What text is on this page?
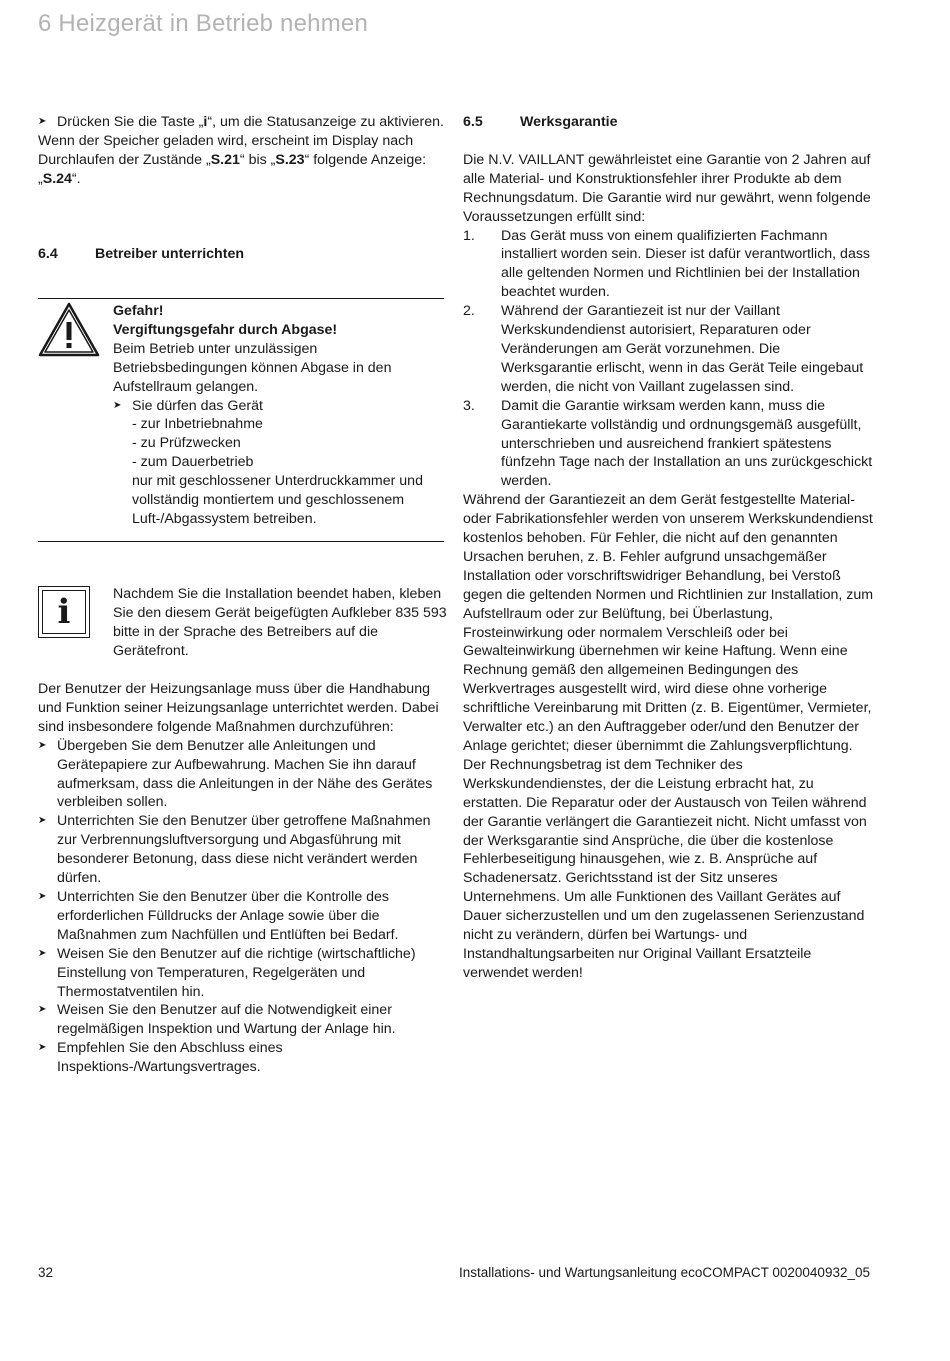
6 Heizgerät in Betrieb nehmen
➤ Drücken Sie die Taste „i“, um die Statusanzeige zu aktivieren.

Wenn der Speicher geladen wird, erscheint im Display nach Durchlaufen der Zustände „S.21“ bis „S.23“ folgende Anzeige: „S.24“.

6.4	Betreiber unterrichten

Gefahr!

Vergiftungsgefahr durch Abgase!

Beim Betrieb unter unzulässigen Betriebsbedingungen können Abgase in den Aufstellraum gelangen.

➤ Sie dürfen das Gerät
- zur Inbetriebnahme
- zu Prüfzwecken
- zum Dauerbetrieb
nur mit geschlossener Unterdruckkammer und vollständig montiertem und geschlossenem Luft-/Abgassystem betreiben.
i	Nachdem Sie die Installation beendet haben, kleben Sie den diesem Gerät beigefügten Aufkleber 835 593 bitte in der Sprache des Betreibers auf die Gerätefront.

Der Benutzer der Heizungsanlage muss über die Handhabung und Funktion seiner Heizungsanlage unterrichtet werden. Dabei sind insbesondere folgende Maßnahmen durchzuführen:

➤ Übergeben Sie dem Benutzer alle Anleitungen und Gerätepapiere zur Aufbewahrung. Machen Sie ihn darauf aufmerksam, dass die Anleitungen in der Nähe des Gerätes verbleiben sollen.
➤ Unterrichten Sie den Benutzer über getroffene Maßnahmen zur Verbrennungsluftversorgung und Abgasführung mit besonderer Betonung, dass diese nicht verändert werden dürfen.
➤ Unterrichten Sie den Benutzer über die Kontrolle des erforderlichen Fülldrucks der Anlage sowie über die Maßnahmen zum Nachfüllen und Entlüften bei Bedarf.
➤ Weisen Sie den Benutzer auf die richtige (wirtschaftliche) Einstellung von Temperaturen, Regelgeräten und Thermostatventilen hin.
➤ Weisen Sie den Benutzer auf die Notwendigkeit einer regelmäßigen Inspektion und Wartung der Anlage hin.
➤ Empfehlen Sie den Abschluss eines Inspektions-/Wartungsvertrages.
6.5	Werksgarantie

Die N.V. VAILLANT gewährleistet eine Garantie von 2 Jahren auf alle Material- und Konstruktionsfehler ihrer Produkte ab dem Rechnungsdatum. Die Garantie wird nur gewährt, wenn folgende Voraussetzungen erfüllt sind:

1. Das Gerät muss von einem qualifizierten Fachmann installiert worden sein. Dieser ist dafür verantwortlich, dass alle geltenden Normen und Richtlinien bei der Installation beachtet wurden.
2. Während der Garantiezeit ist nur der Vaillant Werkskundendienst autorisiert, Reparaturen oder Veränderungen am Gerät vorzunehmen. Die Werksgarantie erlischt, wenn in das Gerät Teile eingebaut werden, die nicht von Vaillant zugelassen sind.
3. Damit die Garantie wirksam werden kann, muss die Garantiekarte vollständig und ordnungsgemäß ausgefüllt, unterschrieben und ausreichend frankiert spätestens fünfzehn Tage nach der Installation an uns zurückgeschickt werden.

Während der Garantiezeit an dem Gerät festgestellte Material- oder Fabrikationsfehler werden von unserem Werkskundendienst kostenlos behoben. Für Fehler, die nicht auf den genannten Ursachen beruhen, z. B. Fehler aufgrund unsachgemäßer Installation oder vorschriftswidriger Behandlung, bei Verstoß gegen die geltenden Normen und Richtlinien zur Installation, zum Aufstellraum oder zur Belüftung, bei Überlastung, Frosteinwirkung oder normalem Verschleiß oder bei Gewalteinwirkung übernehmen wir keine Haftung. Wenn eine Rechnung gemäß den allgemeinen Bedingungen des Werkvertrages ausgestellt wird, wird diese ohne vorherige schriftliche Vereinbarung mit Dritten (z. B. Eigentümer, Vermieter, Verwalter etc.) an den Auftraggeber oder/und den Benutzer der Anlage gerichtet; dieser übernimmt die Zahlungsverpflichtung. Der Rechnungsbetrag ist dem Techniker des Werkskundendienstes, der die Leistung erbracht hat, zu erstatten. Die Reparatur oder der Austausch von Teilen während der Garantie verlängert die Garantiezeit nicht. Nicht umfasst von der Werksgarantie sind Ansprüche, die über die kostenlose Fehlerbeseitigung hinausgehen, wie z. B. Ansprüche auf Schadenersatz. Gerichtsstand ist der Sitz unseres Unternehmens. Um alle Funktionen des Vaillant Gerätes auf Dauer sicherzustellen und um den zugelassenen Serienzustand nicht zu verändern, dürfen bei Wartungs- und Instandhaltungsarbeiten nur Original Vaillant Ersatzteile verwendet werden!

32	Installations- und Wartungsanleitung ecoCOMPACT 0020040932_05
